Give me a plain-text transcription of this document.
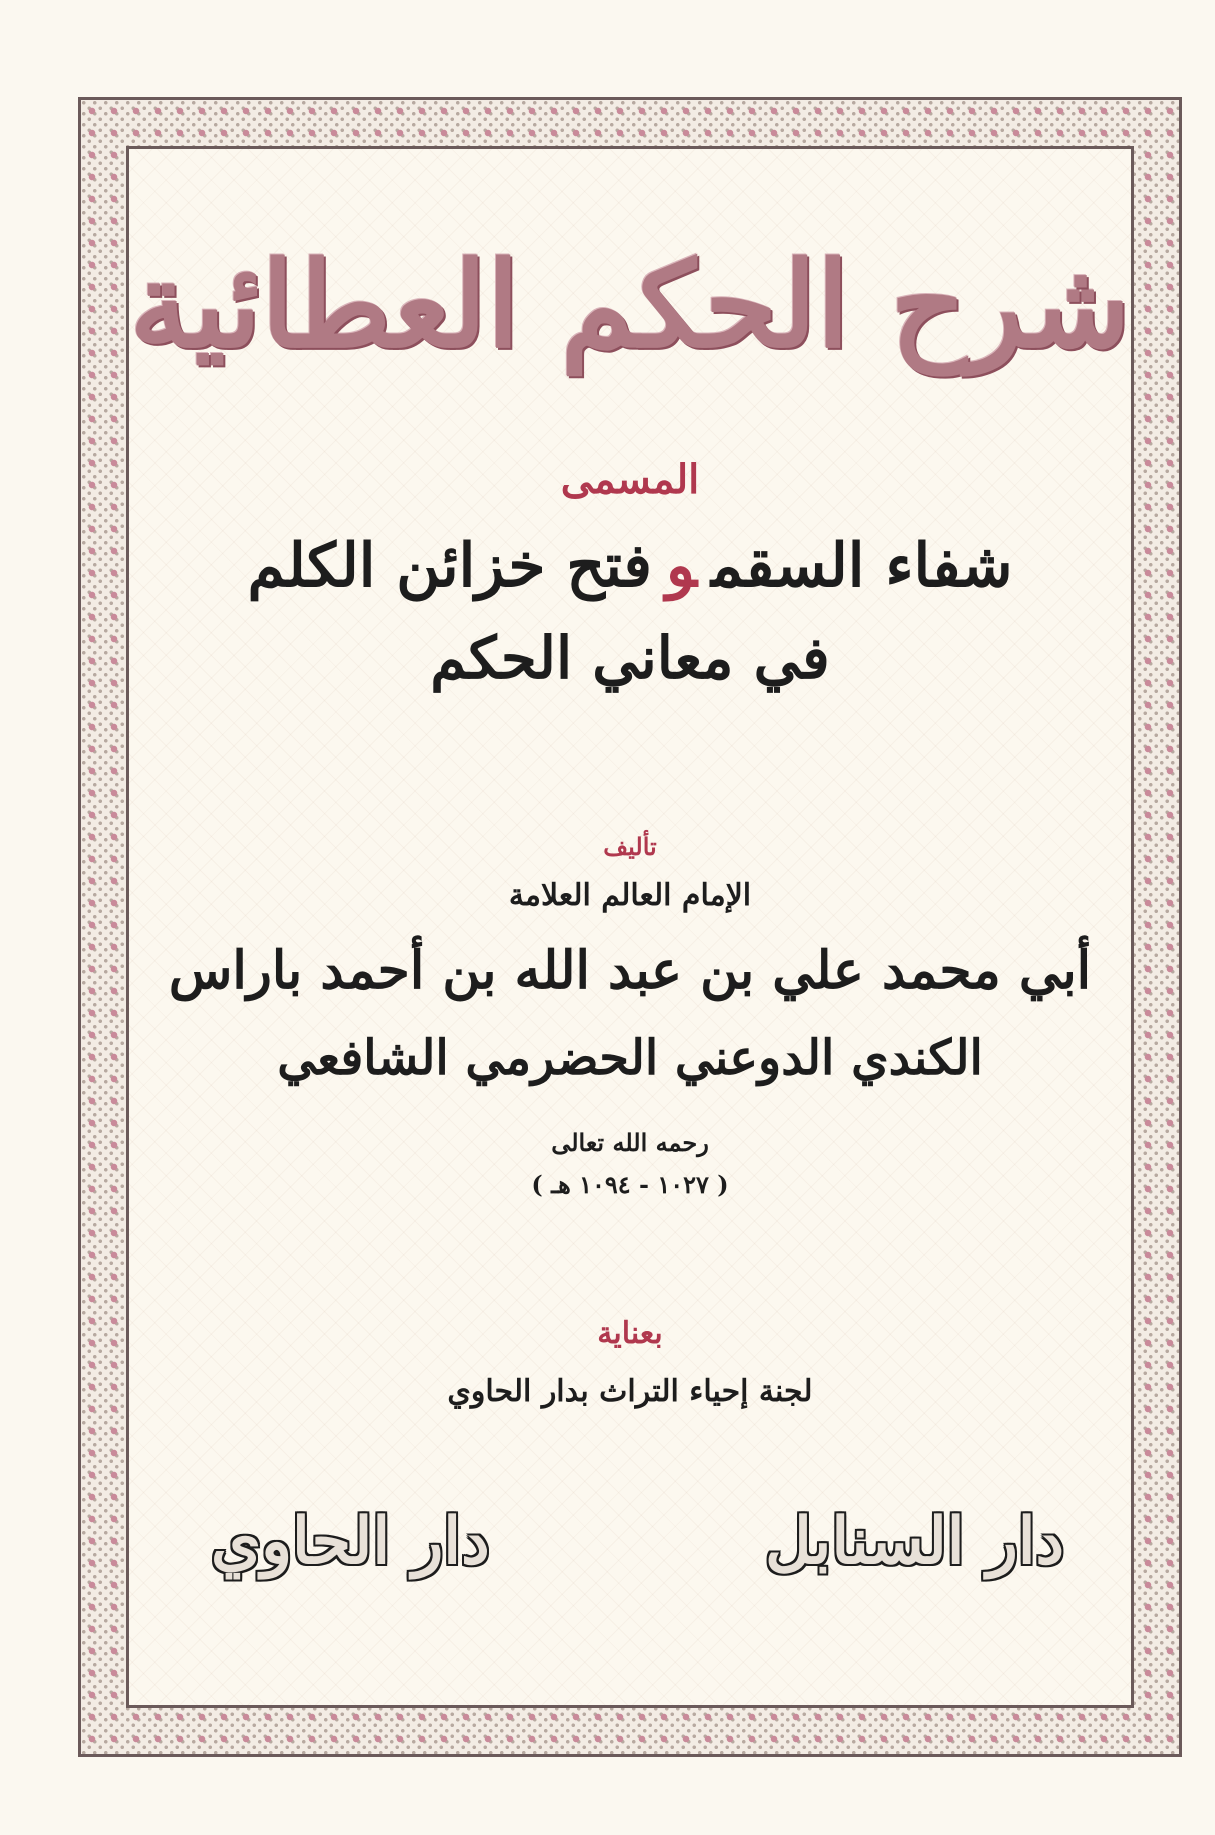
شرح الحكم العطائية
المسمى
شفاء السقموفتح خزائن الكلم
في معاني الحكم
تأليف
الإمام العالم العلامة
أبي محمد علي بن عبد الله بن أحمد باراس
الكندي الدوعني الحضرمي الشافعي
رحمه الله تعالى
( ١٠٢٧ - ١٠٩٤ هـ )
بعناية
لجنة إحياء التراث بدار الحاوي
دار السنابل
دار الحاوي
